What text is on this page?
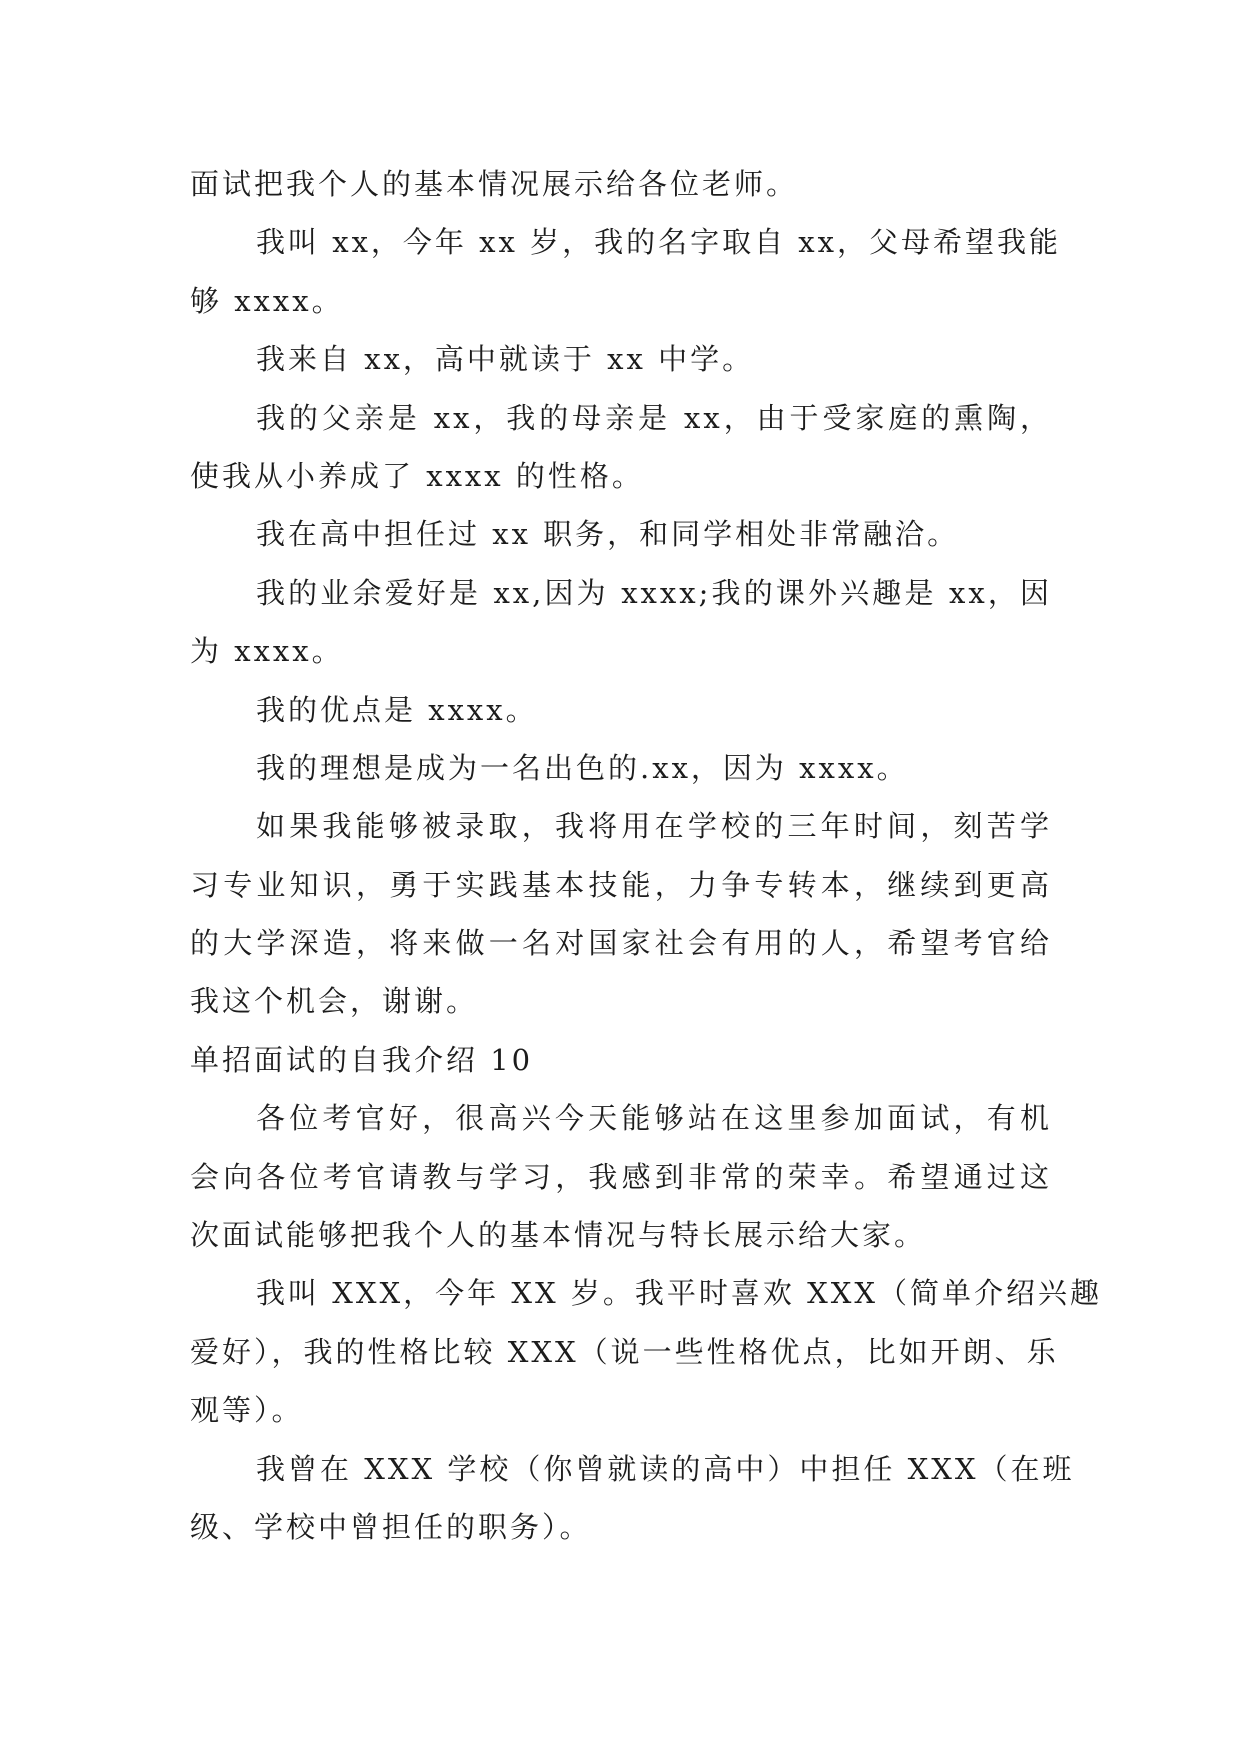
面试把我个人的基本情况展示给各位老师。
我叫 xx，今年 xx 岁，我的名字取自 xx，父母希望我能
够 xxxx。
我来自 xx，高中就读于 xx 中学。
我的父亲是 xx，我的母亲是 xx，由于受家庭的熏陶，
使我从小养成了 xxxx 的性格。
我在高中担任过 xx 职务，和同学相处非常融洽。
我的业余爱好是 xx,因为 xxxx;我的课外兴趣是 xx，因
为 xxxx。
我的优点是 xxxx。
我的理想是成为一名出色的.xx，因为 xxxx。
如果我能够被录取，我将用在学校的三年时间，刻苦学
习专业知识，勇于实践基本技能，力争专转本，继续到更高
的大学深造，将来做一名对国家社会有用的人，希望考官给
我这个机会，谢谢。
单招面试的自我介绍 10
各位考官好，很高兴今天能够站在这里参加面试，有机
会向各位考官请教与学习，我感到非常的荣幸。希望通过这
次面试能够把我个人的基本情况与特长展示给大家。
我叫 XXX，今年 XX 岁。我平时喜欢 XXX（简单介绍兴趣
爱好），我的性格比较 XXX（说一些性格优点，比如开朗、乐
观等）。
我曾在 XXX 学校（你曾就读的高中）中担任 XXX（在班
级、学校中曾担任的职务）。
